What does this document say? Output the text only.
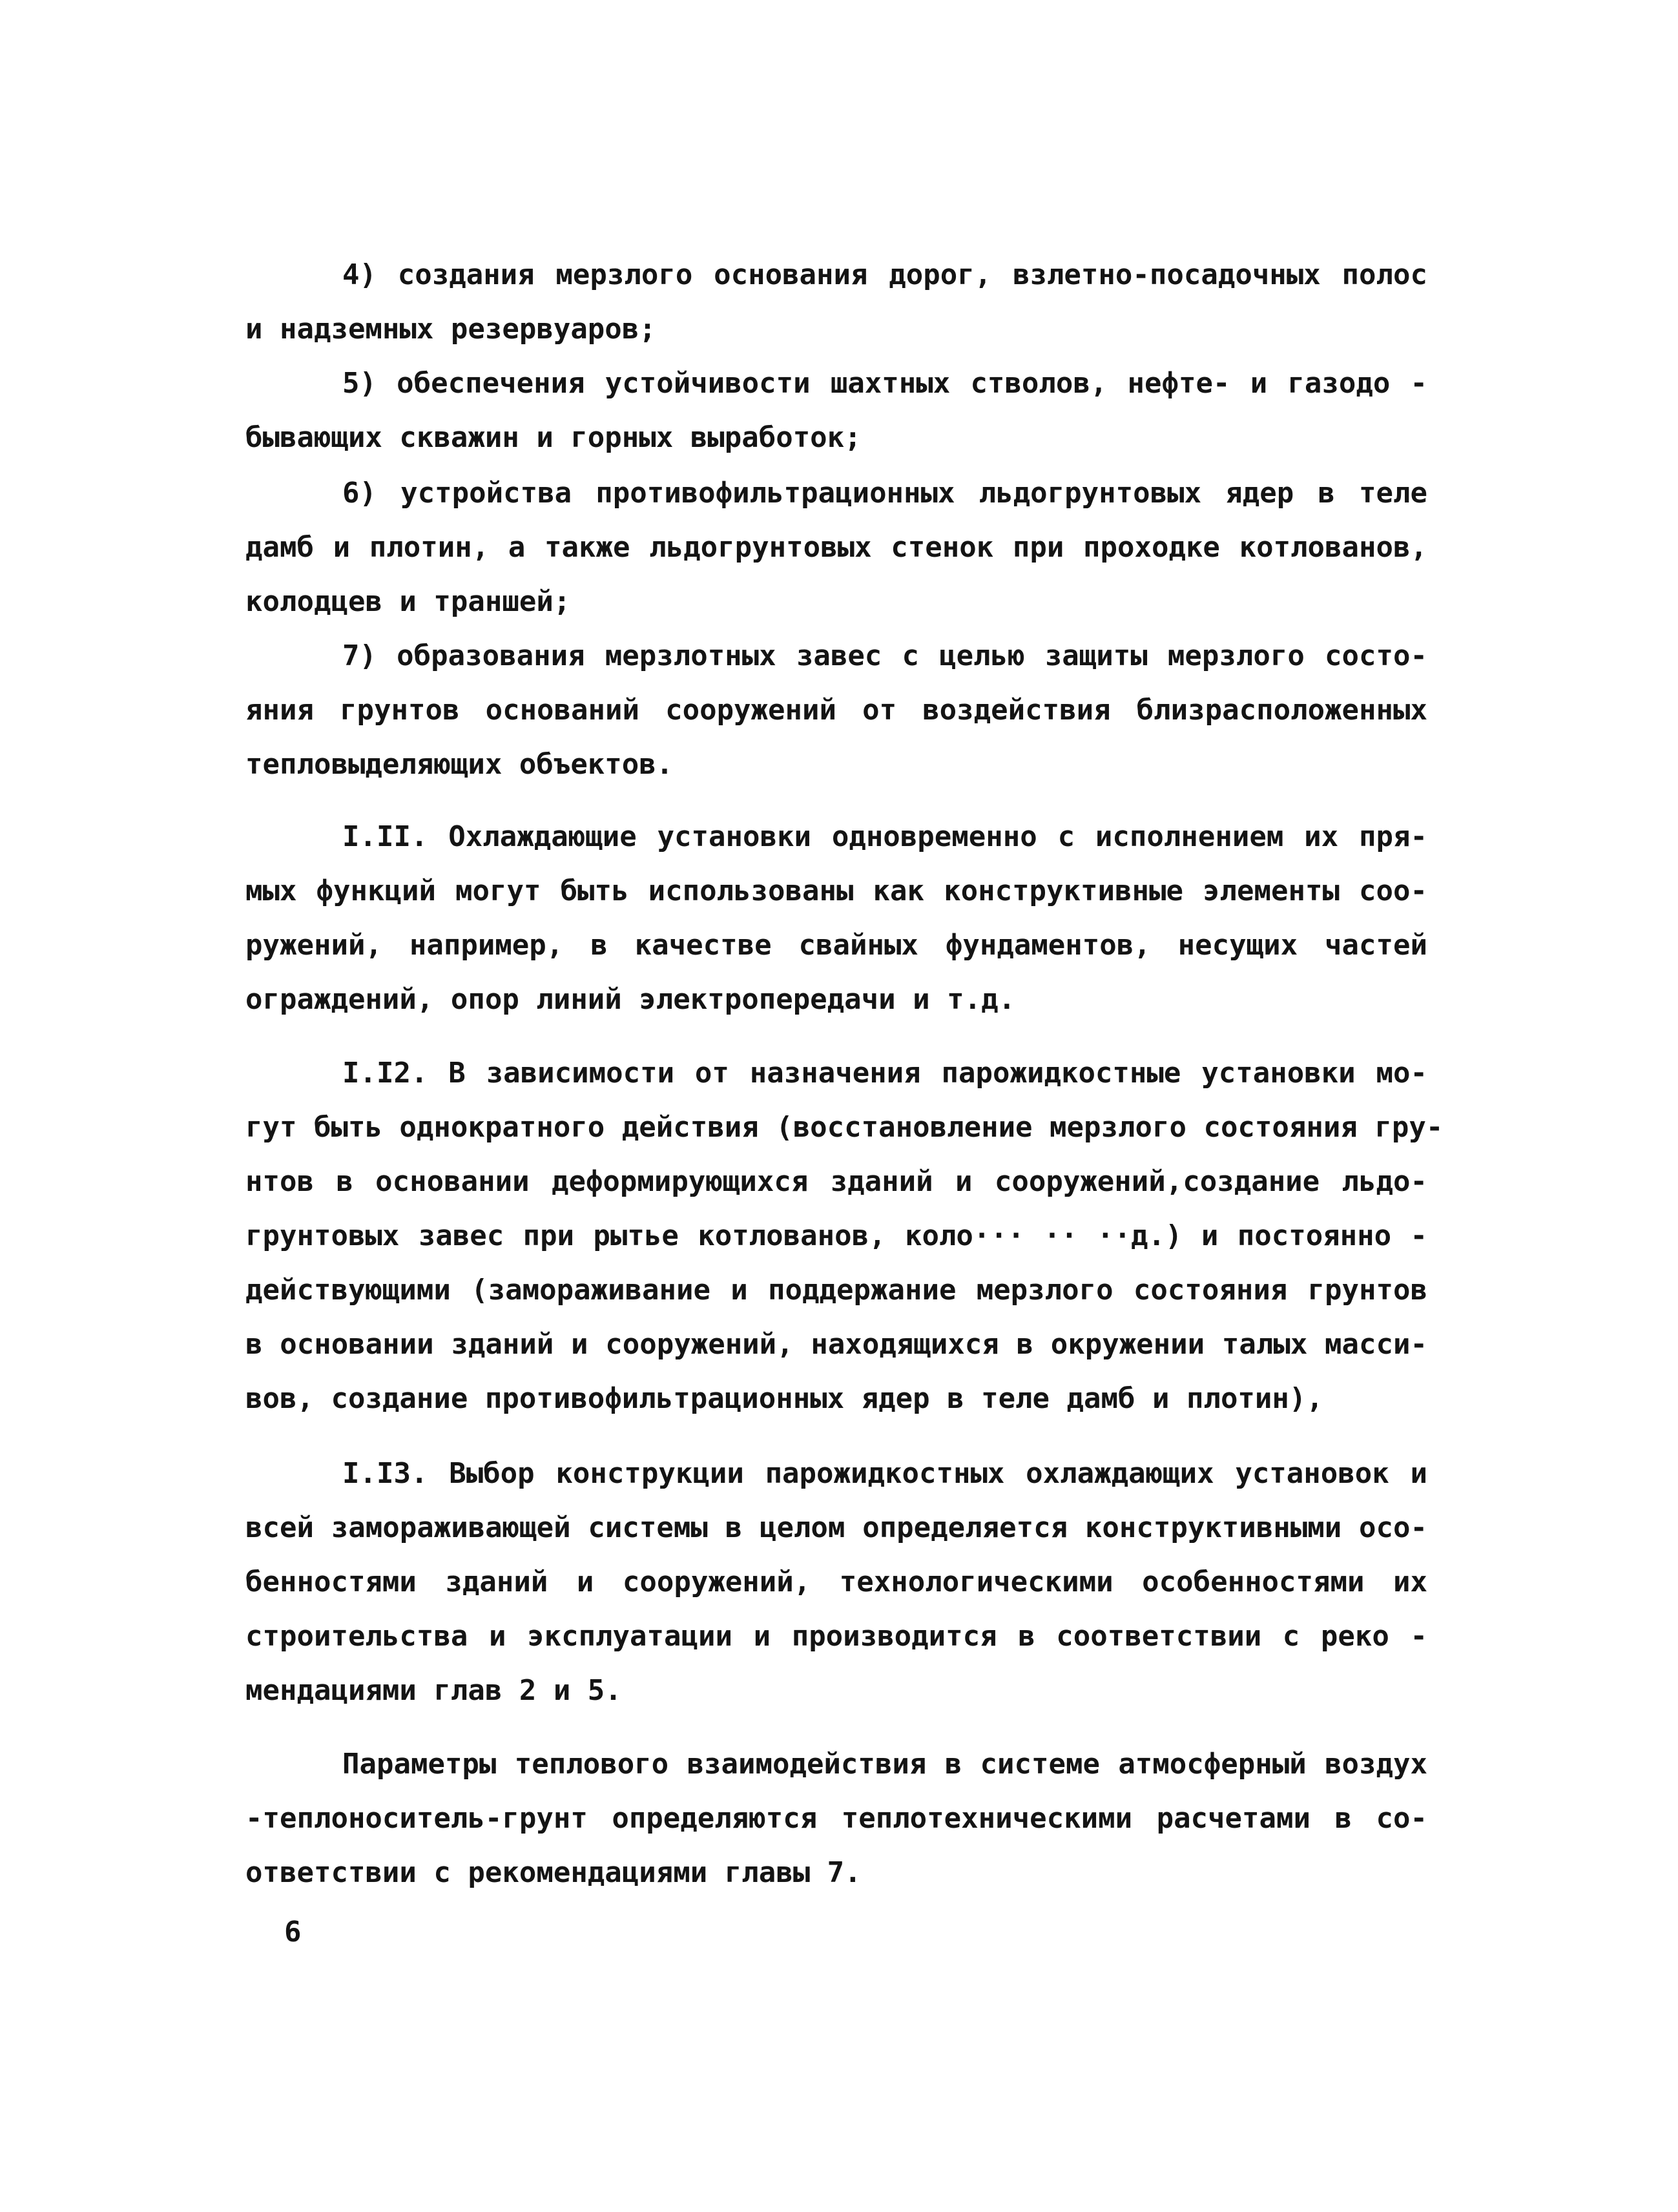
4) создания мерзлого основания дорог, взлетно-посадочных полос
и надземных резервуаров;
5) обеспечения устойчивости шахтных стволов, нефте- и газодо -
бывающих скважин и горных выработок;
6) устройства противофильтрационных льдогрунтовых ядер в теле
дамб и плотин, а также льдогрунтовых стенок при проходке котлованов,
колодцев и траншей;
7) образования мерзлотных завес с целью защиты мерзлого состо-
яния грунтов оснований сооружений от воздействия близрасположенных
тепловыделяющих объектов.
I.II. Охлаждающие установки одновременно с исполнением их пря-
мых функций могут быть использованы как конструктивные элементы соо-
ружений, например, в качестве свайных фундаментов, несущих частей
ограждений, опор линий электропередачи и т.д.
I.I2. В зависимости от назначения парожидкостные установки мо-
гут быть однократного действия (восстановление мерзлого состояния гру-
нтов в основании деформирующихся зданий и сооружений,создание льдо-
грунтовых завес при рытье котлованов, коло··· ·· ··д.) и постоянно -
действующими (замораживание и поддержание мерзлого состояния грунтов
в основании зданий и сооружений, находящихся в окружении талых масси-
вов, создание противофильтрационных ядер в теле дамб и плотин),
I.I3. Выбор конструкции парожидкостных охлаждающих установок и
всей замораживающей системы в целом определяется конструктивными осо-
бенностями зданий и сооружений, технологическими особенностями их
строительства и эксплуатации и производится в соответствии с реко -
мендациями глав 2 и 5.
Параметры теплового взаимодействия в системе атмосферный воздух
-теплоноситель-грунт определяются теплотехническими расчетами в со-
ответствии с рекомендациями главы 7.
6
